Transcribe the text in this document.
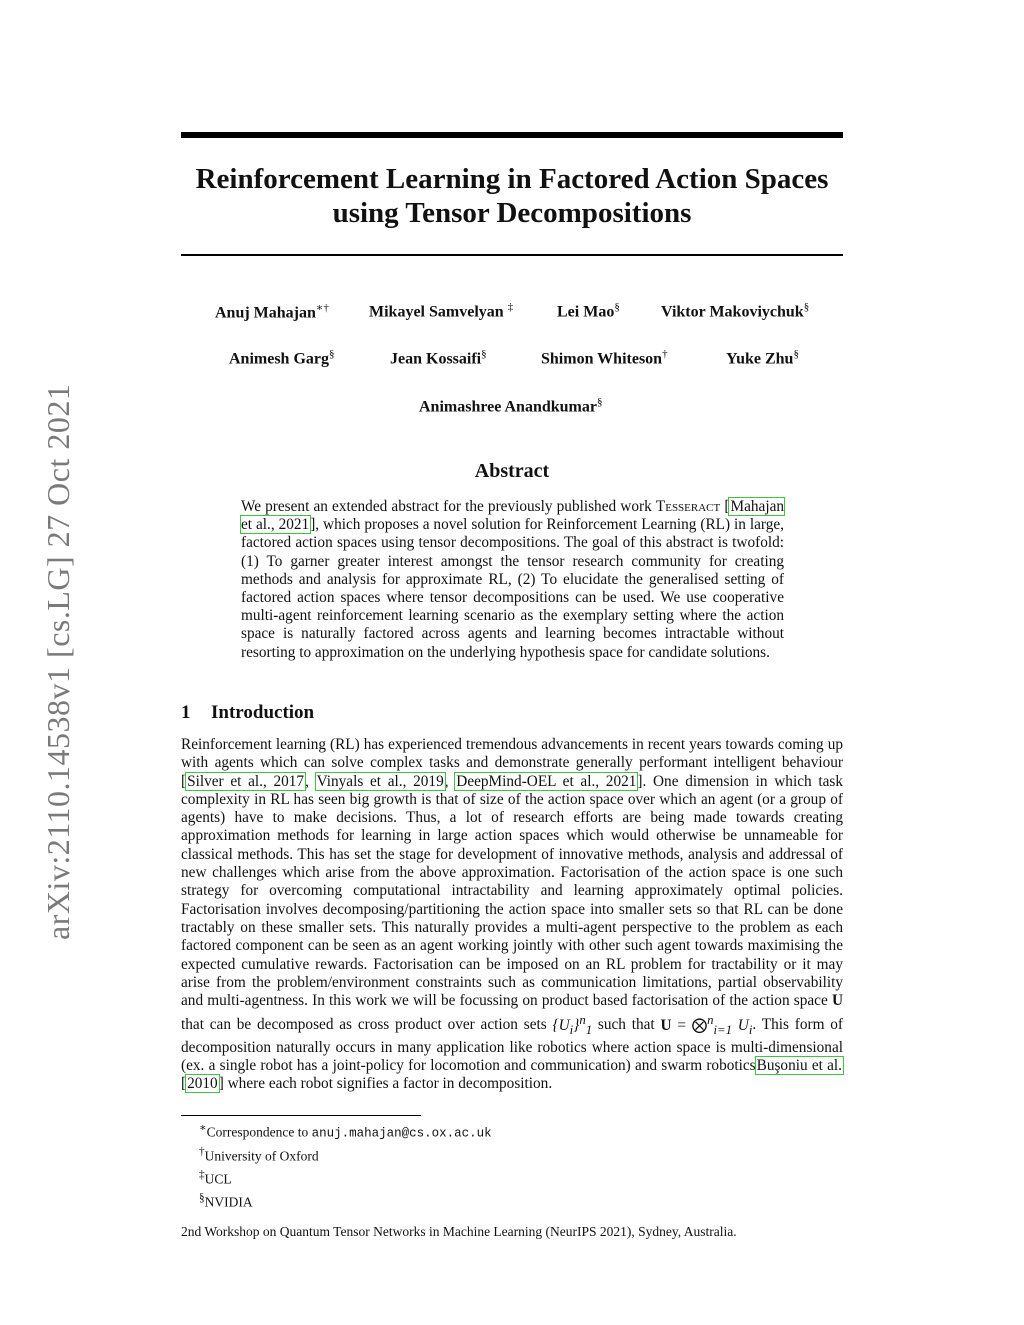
arXiv:2110.14538v1 [cs.LG] 27 Oct 2021
Reinforcement Learning in Factored Action Spaces
using Tensor Decompositions
Anuj Mahajan∗†	Mikayel Samvelyan ‡	Lei Mao§	Viktor Makoviychuk§
Animesh Garg§	Jean Kossaifi§	Shimon Whiteson†	Yuke Zhu§
Animashree Anandkumar§
Abstract

We present an extended abstract for the previously published work Tesseract [Mahajan et al., 2021], which proposes a novel solution for Reinforcement Learning (RL) in large, factored action spaces using tensor decompositions. The goal of this abstract is twofold: (1) To garner greater interest amongst the tensor research community for creating methods and analysis for approximate RL, (2) To elucidate the generalised setting of factored action spaces where tensor decompositions can be used. We use cooperative multi-agent reinforcement learning scenario as the exemplary setting where the action space is naturally factored across agents and learning becomes intractable without resorting to approximation on the underlying hypothesis space for candidate solutions.

1 Introduction

Reinforcement learning (RL) has experienced tremendous advancements in recent years towards coming up with agents which can solve complex tasks and demonstrate generally performant intelligent behaviour [Silver et al., 2017, Vinyals et al., 2019, DeepMind-OEL et al., 2021]. One dimension in which task complexity in RL has seen big growth is that of size of the action space over which an agent (or a group of agents) have to make decisions. Thus, a lot of research efforts are being made towards creating approximation methods for learning in large action spaces which would otherwise be unnameable for classical methods. This has set the stage for development of innovative methods, analysis and addressal of new challenges which arise from the above approximation. Factorisation of the action space is one such strategy for overcoming computational intractability and learning approximately optimal policies. Factorisation involves decomposing/partitioning the action space into smaller sets so that RL can be done tractably on these smaller sets. This naturally provides a multi-agent perspective to the problem as each factored component can be seen as an agent working jointly with other such agent towards maximising the expected cumulative rewards. Factorisation can be imposed on an RL problem for tractability or it may arise from the problem/environment constraints such as communication limitations, partial observability and multi-agentness. In this work we will be focussing on product based factorisation of the action space U that can be decomposed as cross product over action sets $\{U_i\}^n_1$ such that U = ⨂$^n_{i=1}$ $U_i$. This form of decomposition naturally occurs in many application like robotics where action space is multi-dimensional (ex. a single robot has a joint-policy for locomotion and communication) and swarm roboticsBuşoniu et al. [2010] where each robot signifies a factor in decomposition.

∗Correspondence to anuj.mahajan@cs.ox.ac.uk
†University of Oxford
‡UCL
§NVIDIA
2nd Workshop on Quantum Tensor Networks in Machine Learning (NeurIPS 2021), Sydney, Australia.
